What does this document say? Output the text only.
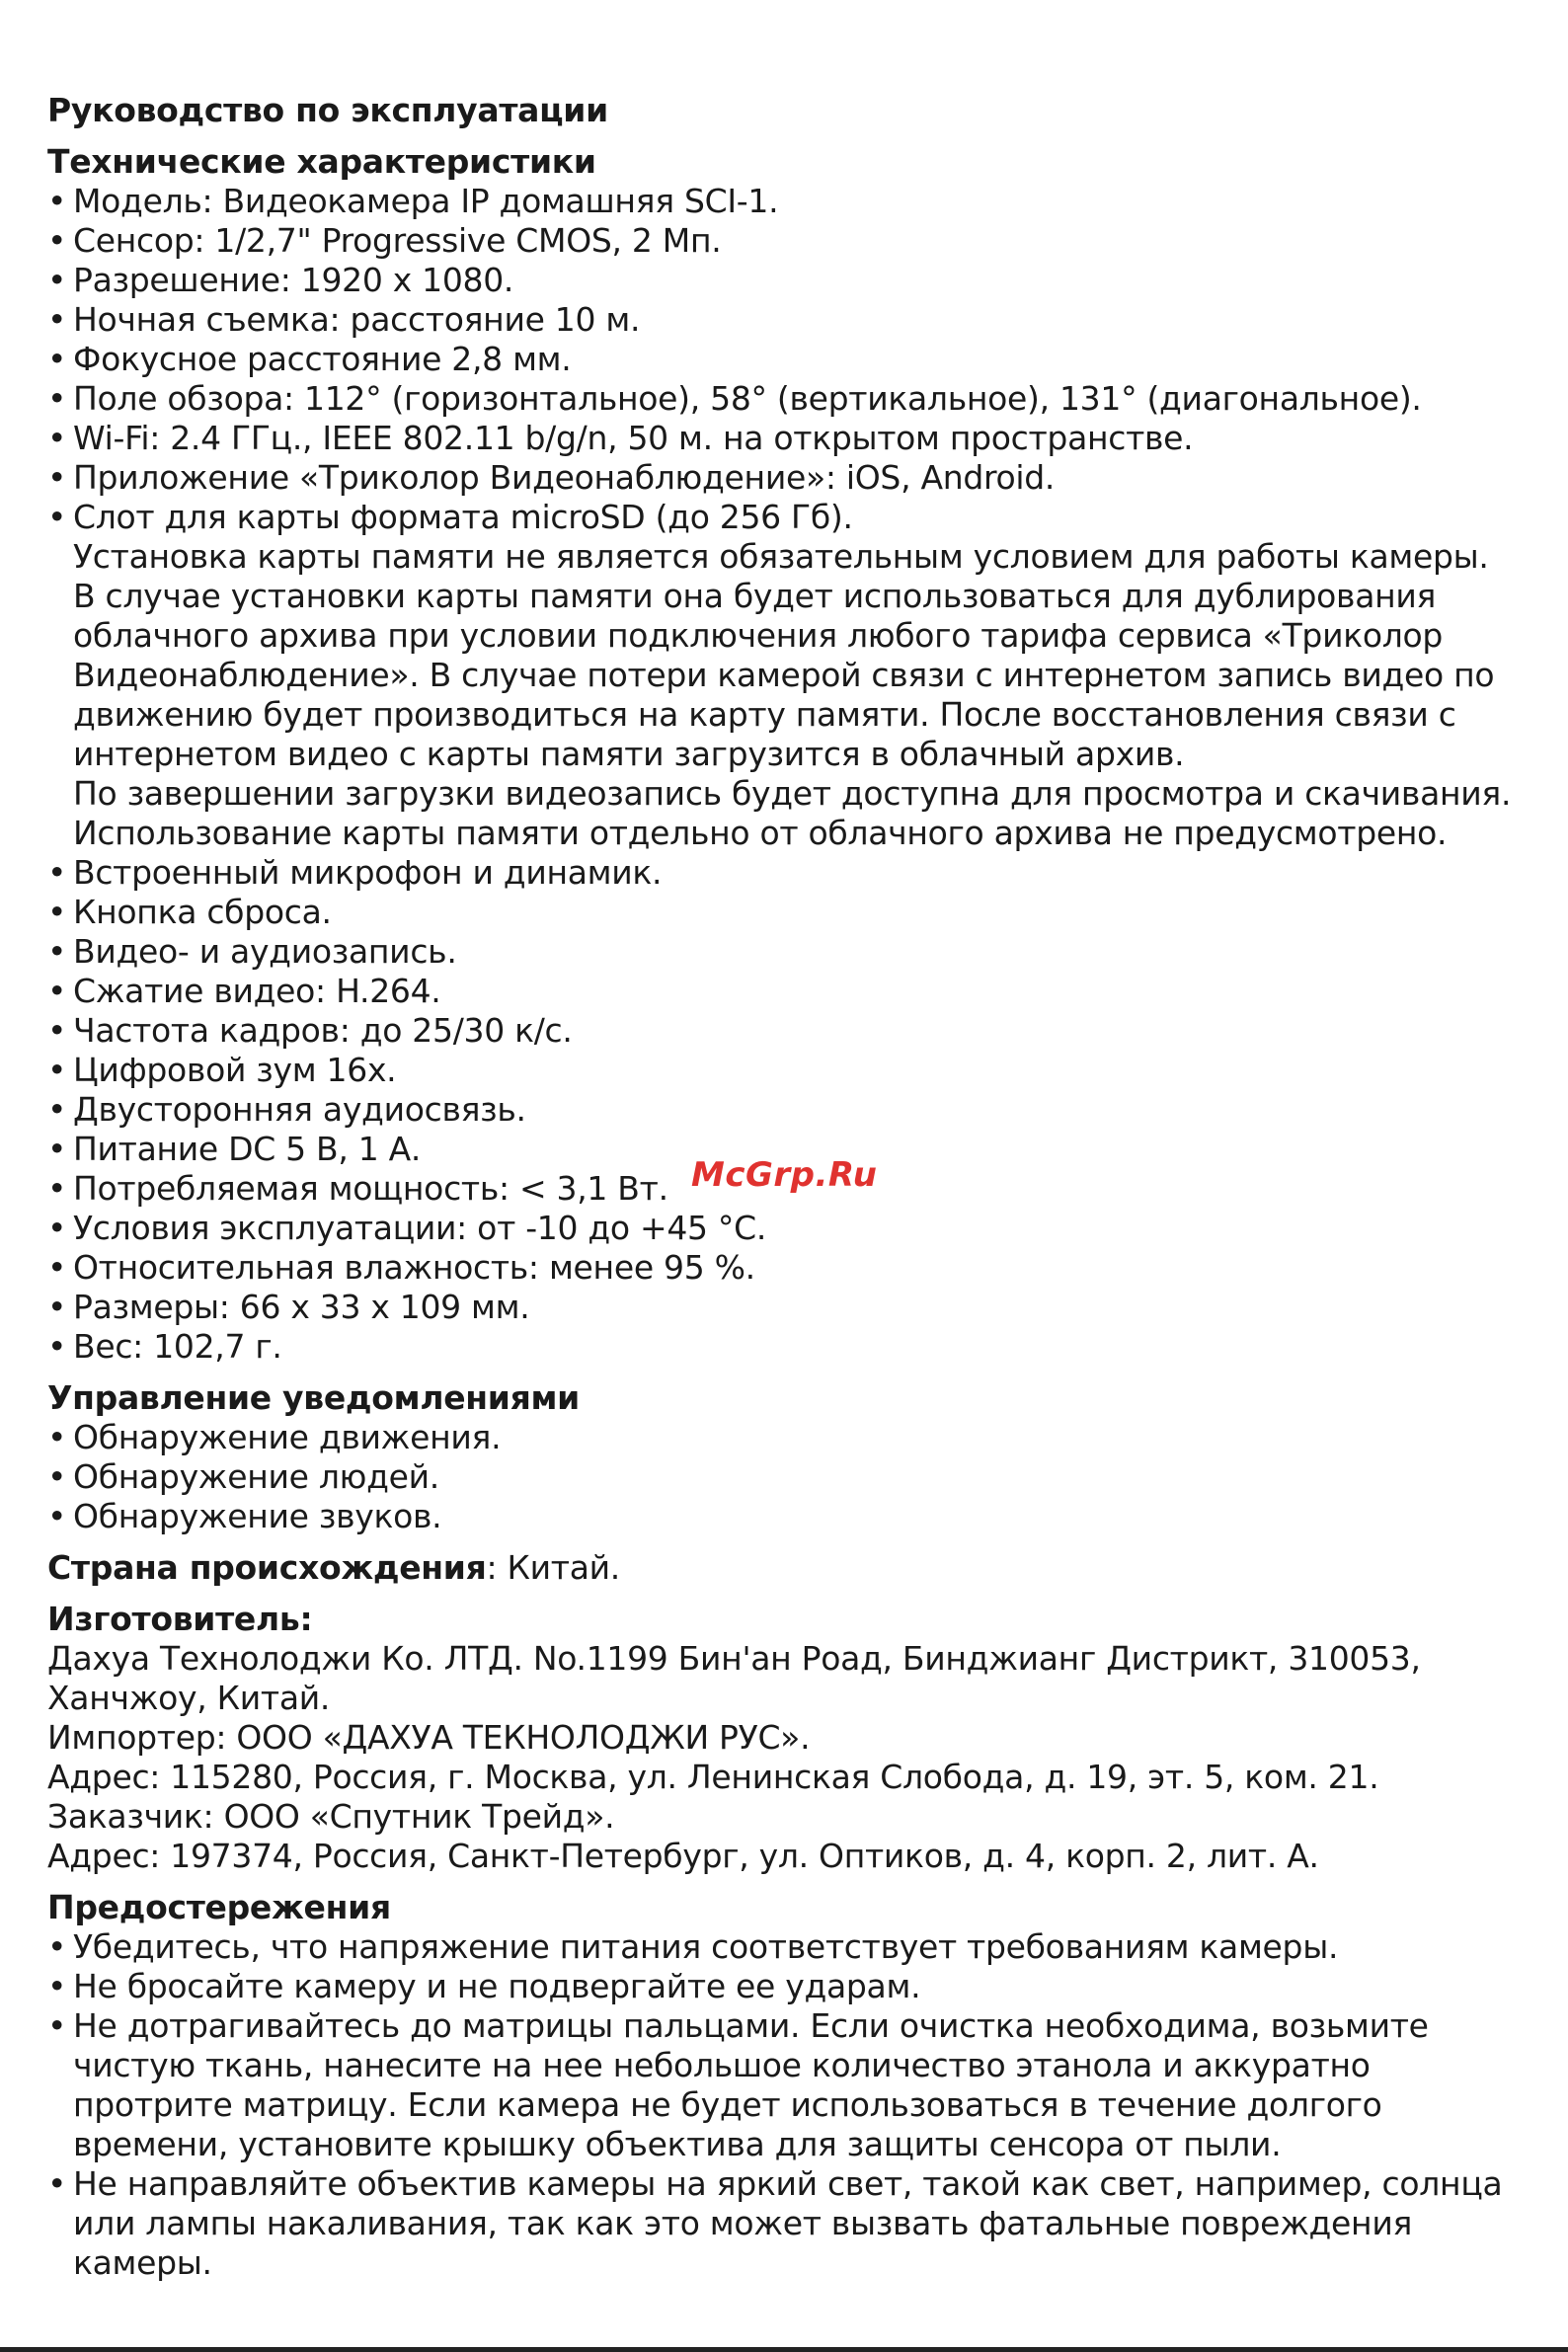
Руководство по эксплуатации
Технические характеристики
• Модель: Видеокамера IP домашняя SCI-1.
• Сенсор: 1/2,7" Progressive CMOS, 2 Мп.
• Разрешение: 1920 x 1080.
• Ночная съемка: расстояние 10 м.
• Фокусное расстояние 2,8 мм.
• Поле обзора: 112° (горизонтальное), 58° (вертикальное), 131° (диагональное).
• Wi-Fi: 2.4 ГГц., IEEE 802.11 b/g/n, 50 м. на открытом пространстве.
• Приложение «Триколор Видеонаблюдение»: iOS, Android.
• Слот для карты формата microSD (до 256 Гб).
Установка карты памяти не является обязательным условием для работы камеры.
В случае установки карты памяти она будет использоваться для дублирования облачного архива при условии подключения любого тарифа сервиса «Триколор Видеонаблюдение». В случае потери камерой связи с интернетом запись видео по движению будет производиться на карту памяти. После восстановления связи с интернетом видео с карты памяти загрузится в облачный архив.
По завершении загрузки видеозапись будет доступна для просмотра и скачивания.
Использование карты памяти отдельно от облачного архива не предусмотрено.
• Встроенный микрофон и динамик.
• Кнопка сброса.
• Видео- и аудиозапись.
• Сжатие видео: H.264.
• Частота кадров: до 25/30 к/с.
• Цифровой зум 16x.
• Двусторонняя аудиосвязь.
• Питание DC 5 В, 1 А.
• Потребляемая мощность: < 3,1 Вт.
• Условия эксплуатации: от -10 до +45 °C.
• Относительная влажность: менее 95 %.
• Размеры: 66 x 33 x 109 мм.
• Вес: 102,7 г.
Управление уведомлениями
• Обнаружение движения.
• Обнаружение людей.
• Обнаружение звуков.
Страна происхождения: Китай.
Изготовитель:
Дахуа Технолоджи Ко. ЛТД. No.1199 Бин'ан Роад, Бинджианг Дистрикт, 310053, Ханчжоу, Китай.
Импортер: ООО «ДАХУА ТЕКНОЛОДЖИ РУС».
Адрес: 115280, Россия, г. Москва, ул. Ленинская Слобода, д. 19, эт. 5, ком. 21.
Заказчик: ООО «Спутник Трейд».
Адрес: 197374, Россия, Санкт-Петербург, ул. Оптиков, д. 4, корп. 2, лит. А.
Предостережения
• Убедитесь, что напряжение питания соответствует требованиям камеры.
• Не бросайте камеру и не подвергайте ее ударам.
• Не дотрагивайтесь до матрицы пальцами. Если очистка необходима, возьмите чистую ткань, нанесите на нее небольшое количество этанола и аккуратно протрите матрицу. Если камера не будет использоваться в течение долгого времени, установите крышку объектива для защиты сенсора от пыли.
• Не направляйте объектив камеры на яркий свет, такой как свет, например, солнца или лампы накаливания, так как это может вызвать фатальные повреждения камеры.
McGrp.Ru
